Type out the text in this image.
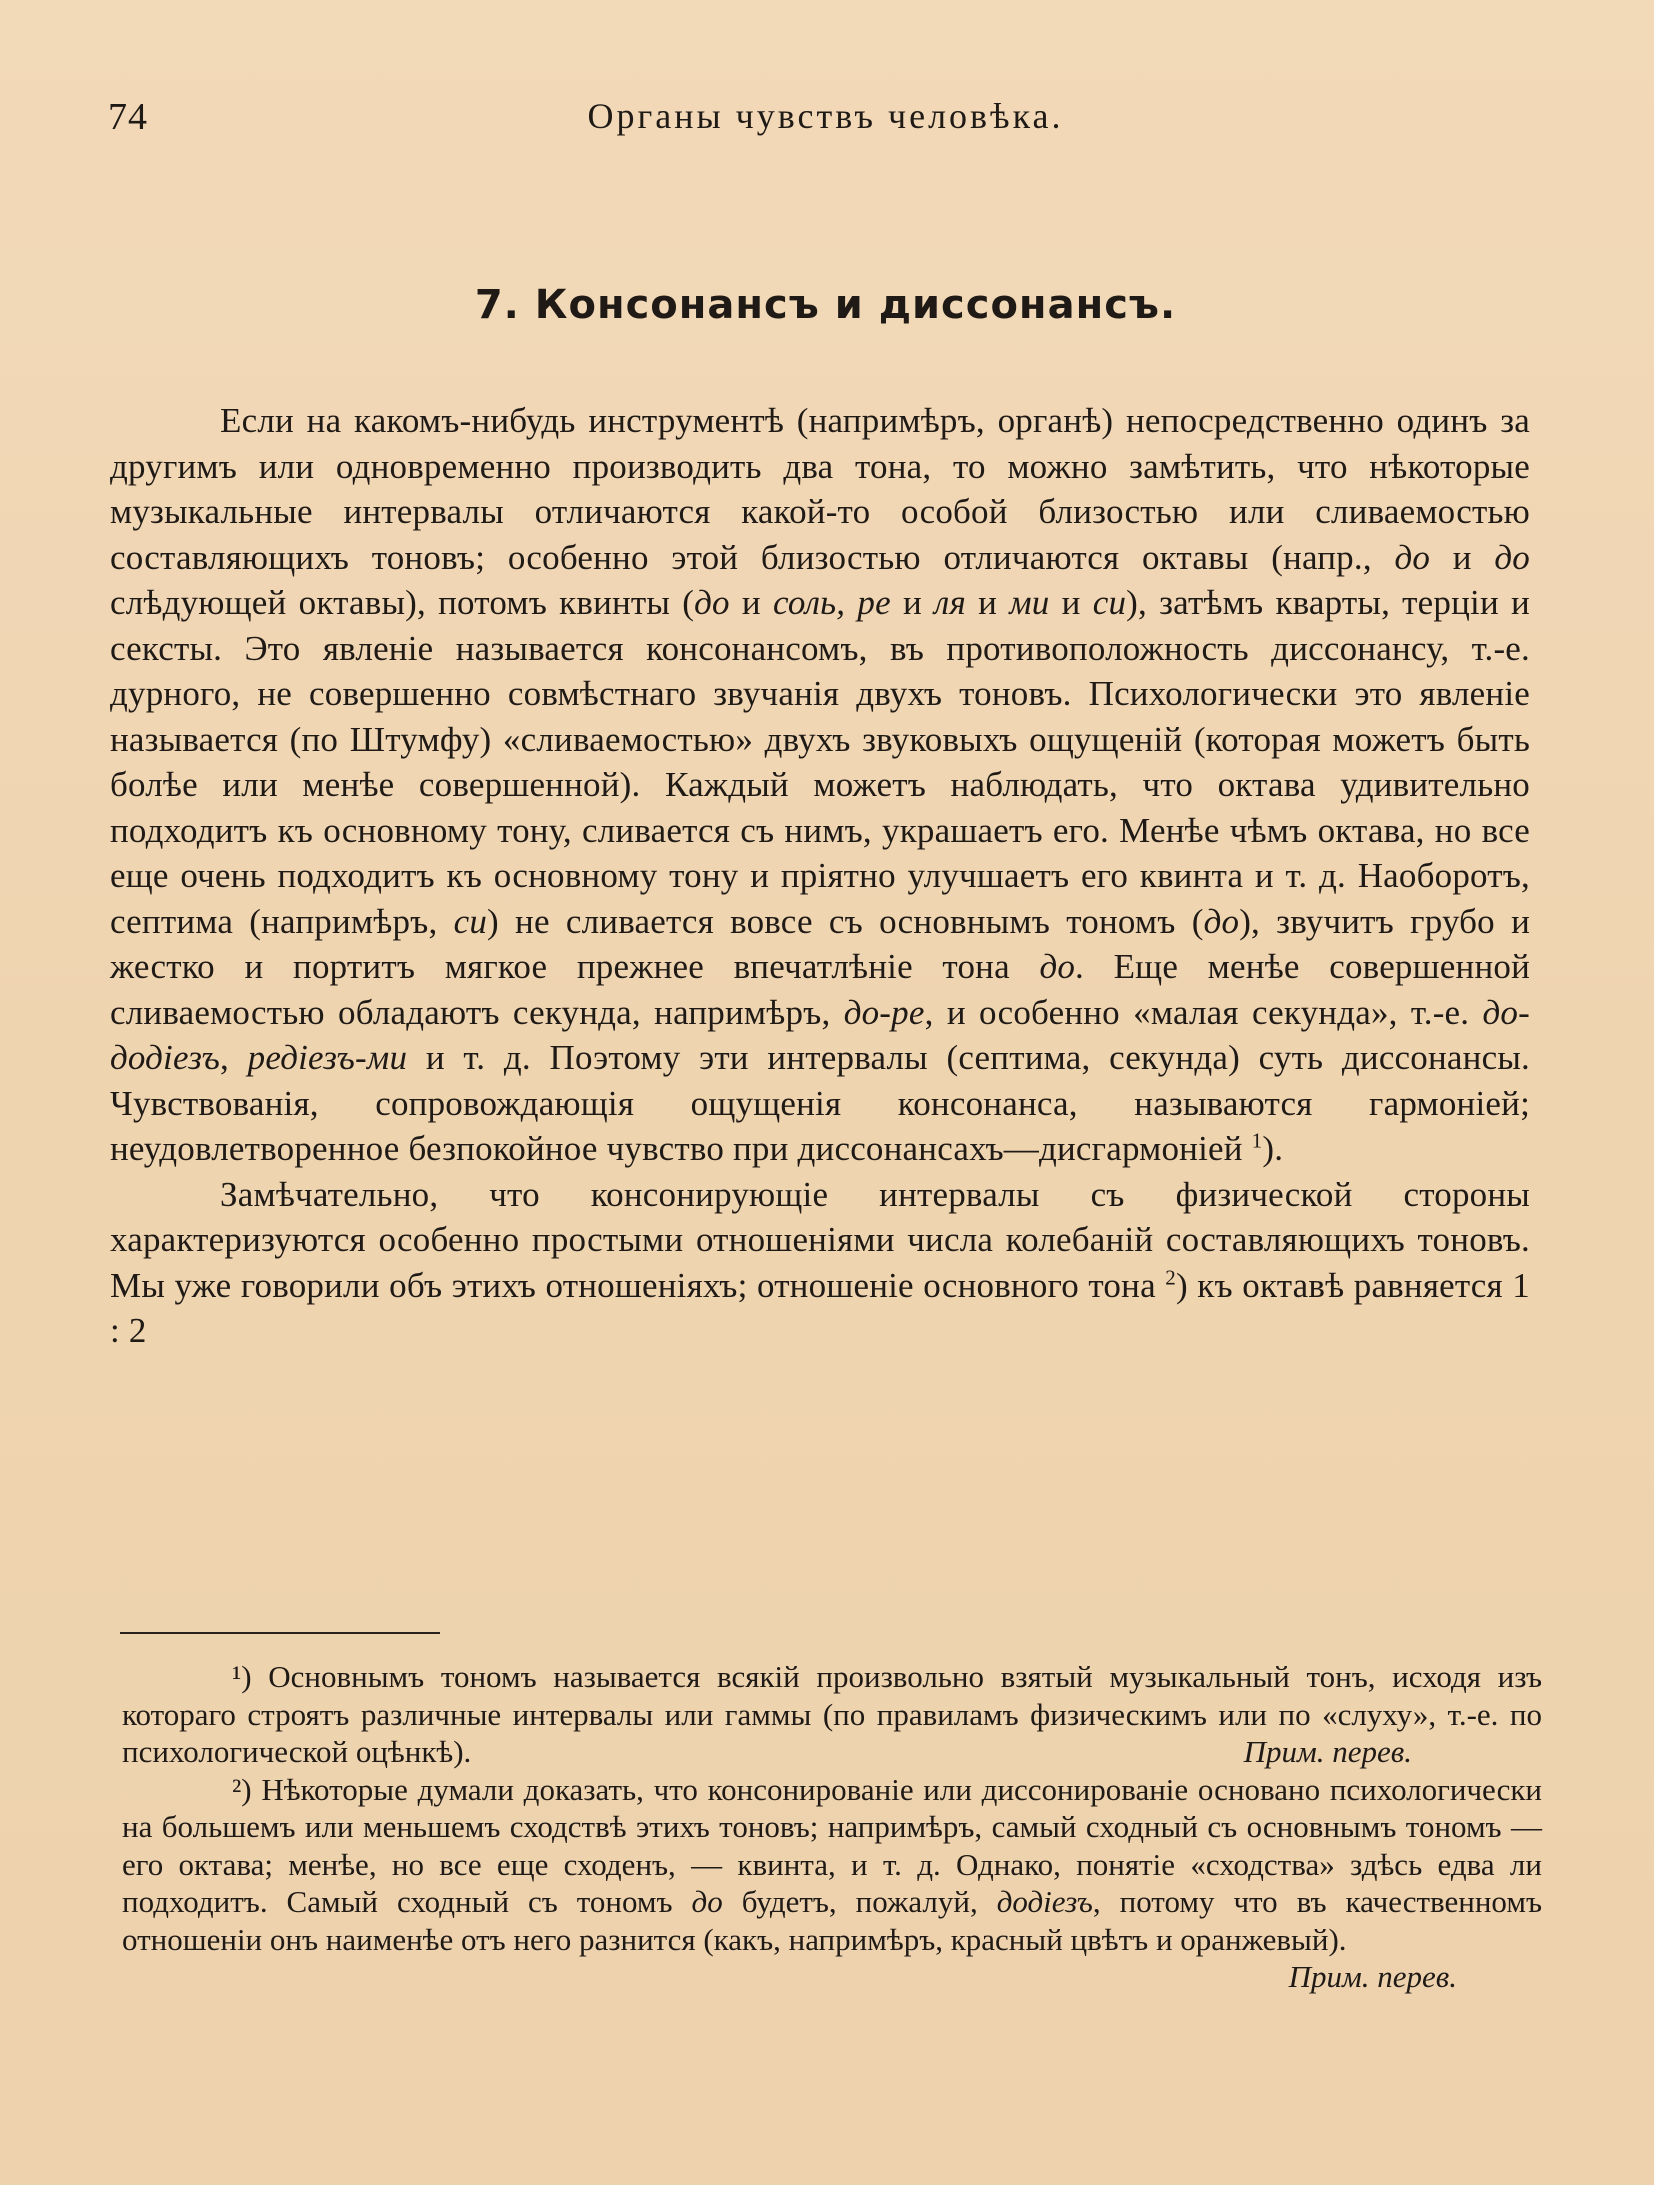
74	Органы чувствъ человѣка.
7. Консонансъ и диссонансъ.

Если на какомъ-нибудь инструментѣ (напримѣръ, органѣ) непосредственно одинъ за другимъ или одновременно производить два тона, то можно замѣтить, что нѣкоторые музыкальные интервалы отличаются какой-то особой близостью или сливаемостью составляющихъ тоновъ; особенно этой близостью отличаются октавы (напр., до и до слѣдующей октавы), потомъ квинты (до и соль, ре и ля и ми и си), затѣмъ кварты, терціи и сексты. Это явленіе называется консонансомъ, въ противоположность диссонансу, т.-е. дурного, не совершенно совмѣстнаго звучанія двухъ тоновъ. Психологически это явленіе называется (по Штумфу) «сливаемостью» двухъ звуковыхъ ощущеній (которая можетъ быть болѣе или менѣе совершенной). Каждый можетъ наблюдать, что октава удивительно подходитъ къ основному тону, сливается съ нимъ, украшаетъ его. Менѣе чѣмъ октава, но все еще очень подходитъ къ основному тону и пріятно улучшаетъ его квинта и т. д. Наоборотъ, септима (напримѣръ, си) не сливается вовсе съ основнымъ тономъ (до), звучитъ грубо и жестко и портитъ мягкое прежнее впечатлѣніе тона до. Еще менѣе совершенной сливаемостью обладаютъ секунда, напримѣръ, до-ре, и особенно «малая секунда», т.-е. до-додіезъ, редіезъ-ми и т. д. Поэтому эти интервалы (септима, секунда) суть диссонансы. Чувствованія, сопровождающія ощущенія консонанса, называются гармоніей; неудовлетворенное безпокойное чувство при диссонансахъ—дисгармоніей $^1$).

Замѣчательно, что консонирующіе интервалы съ физической стороны характеризуются особенно простыми отношеніями числа колебаній составляющихъ тоновъ. Мы уже говорили объ этихъ отношеніяхъ; отношеніе основного тона $^2$) къ октавѣ равняется 1 : 2

¹) Основнымъ тономъ называется всякій произвольно взятый музыкальный тонъ, исходя изъ котораго строятъ различные интервалы или гаммы (по правиламъ физическимъ или по «слуху», т.-е. по психологической оцѣнкѣ).	Прим. перев.

²) Нѣкоторые думали доказать, что консонированіе или диссонированіе основано психологически на большемъ или меньшемъ сходствѣ этихъ тоновъ; напримѣръ, самый сходный съ основнымъ тономъ — его октава; менѣе, но все еще сходенъ, — квинта, и т. д. Однако, понятіе «сходства» здѣсь едва ли подходитъ. Самый сходный съ тономъ до будетъ, пожалуй, додіезъ, потому что въ качественномъ отношеніи онъ наименѣе отъ него разнится (какъ, напримѣръ, красный цвѣтъ и оранжевый).

Прим. перев.
